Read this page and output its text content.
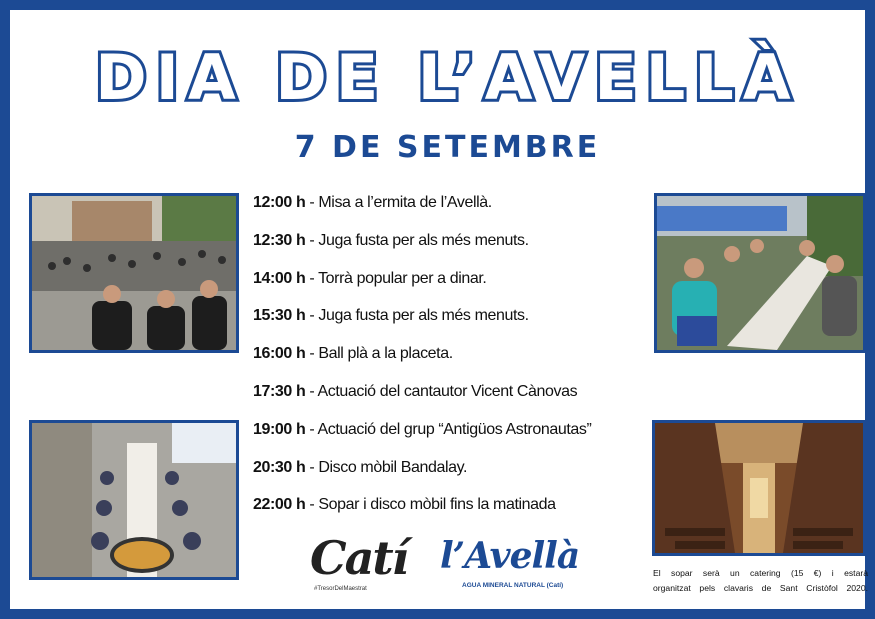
DIA DE L’AVELLÀ
7 DE SETEMBRE
12:00 h - Misa a l’ermita de l’Avellà.
12:30 h - Juga fusta per als més menuts.
14:00 h - Torrà popular per a dinar.
15:30 h - Juga fusta per als més menuts.
16:00 h - Ball plà a la placeta.
17:30 h - Actuació del cantautor Vicent Cànovas
19:00 h - Actuació del grup “Antigüos Astronautas”
20:30 h - Disco mòbil Bandalay.
22:00 h - Sopar i disco mòbil fins la matinada
Catí
#TresorDelMaestrat
l’Avellà
AGUA MINERAL NATURAL (Catí)
El sopar serà un catering (15 €) i estarà
organitzat pels clavaris de Sant Cristòfol 2020.
